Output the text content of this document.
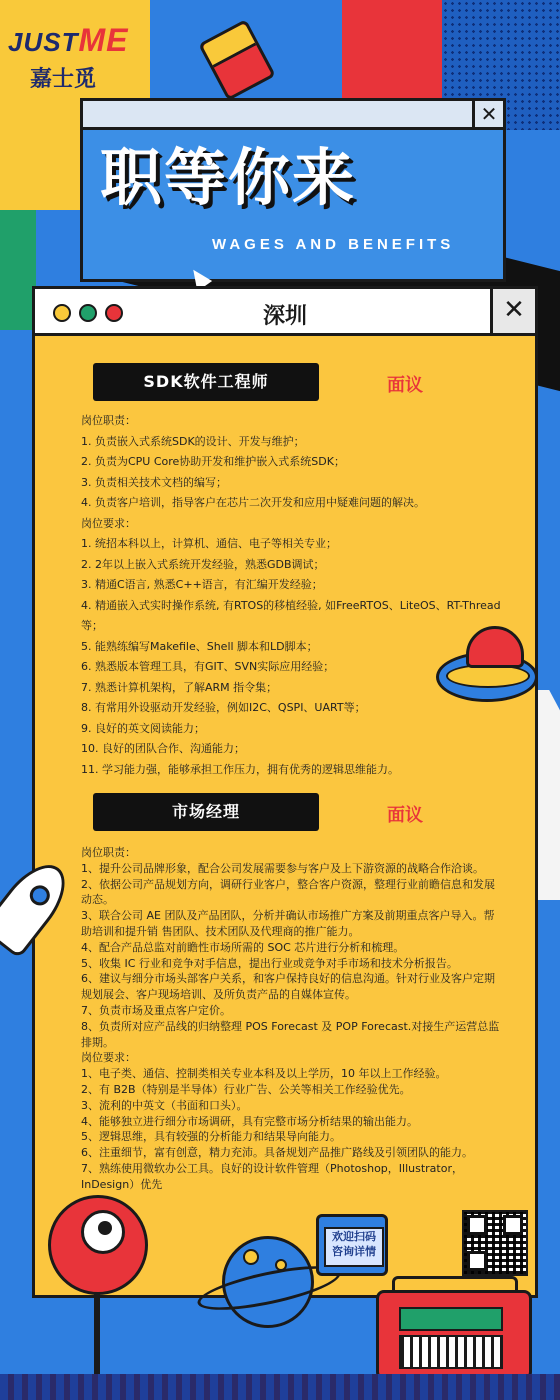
JUSTME
嘉士觅
✕
职等你来
WAGES AND BENEFITS
深圳	✕
SDK软件工程师	面议
岗位职责：
1. 负责嵌入式系统SDK的设计、开发与维护；
2. 负责为CPU Core协助开发和维护嵌入式系统SDK；
3. 负责相关技术文档的编写；
4. 负责客户培训，指导客户在芯片二次开发和应用中疑难问题的解决。
岗位要求：
1. 统招本科以上，计算机、通信、电子等相关专业；
2. 2年以上嵌入式系统开发经验，熟悉GDB调试；
3. 精通C语言, 熟悉C++语言，有汇编开发经验；
4. 精通嵌入式实时操作系统, 有RTOS的移植经验, 如FreeRTOS、LiteOS、RT-Thread等；
5. 能熟练编写Makefile、Shell 脚本和LD脚本；
6. 熟悉版本管理工具，有GIT、SVN实际应用经验；
7. 熟悉计算机架构，了解ARM 指令集；
8. 有常用外设驱动开发经验，例如I2C、QSPI、UART等；
9. 良好的英文阅读能力；
10. 良好的团队合作、沟通能力；
11. 学习能力强，能够承担工作压力，拥有优秀的逻辑思维能力。
市场经理	面议
岗位职责：
1、提升公司品牌形象，配合公司发展需要参与客户及上下游资源的战略合作洽谈。
2、依据公司产品规划方向，调研行业客户，整合客户资源，整理行业前瞻信息和发展动态。
3、联合公司 AE 团队及产品团队，分析并确认市场推广方案及前期重点客户导入。帮助培训和提升销 售团队、技术团队及代理商的推广能力。
4、配合产品总监对前瞻性市场所需的 SOC 芯片进行分析和梳理。
5、收集 IC 行业和竞争对手信息，提出行业或竞争对手市场和技术分析报告。
6、建议与细分市场头部客户关系，和客户保持良好的信息沟通。针对行业及客户定期规划展会、客户现场培训、及所负责产品的自媒体宣传。
7、负责市场及重点客户定价。
8、负责所对应产品线的归纳整理 POS Forecast 及 POP Forecast.对接生产运营总监排期。
岗位要求：
1、电子类、通信、控制类相关专业本科及以上学历，10 年以上工作经验。
2、有 B2B（特别是半导体）行业广告、公关等相关工作经验优先。
3、流利的中英文（书面和口头）。
4、能够独立进行细分市场调研，具有完整市场分析结果的输出能力。
5、逻辑思维，具有较强的分析能力和结果导向能力。
6、注重细节，富有创意，精力充沛。具备规划产品推广路线及引领团队的能力。
7、熟练使用微软办公工具。良好的设计软件管理（Photoshop，Illustrator，InDesign）优先
欢迎扫码
咨询详情
